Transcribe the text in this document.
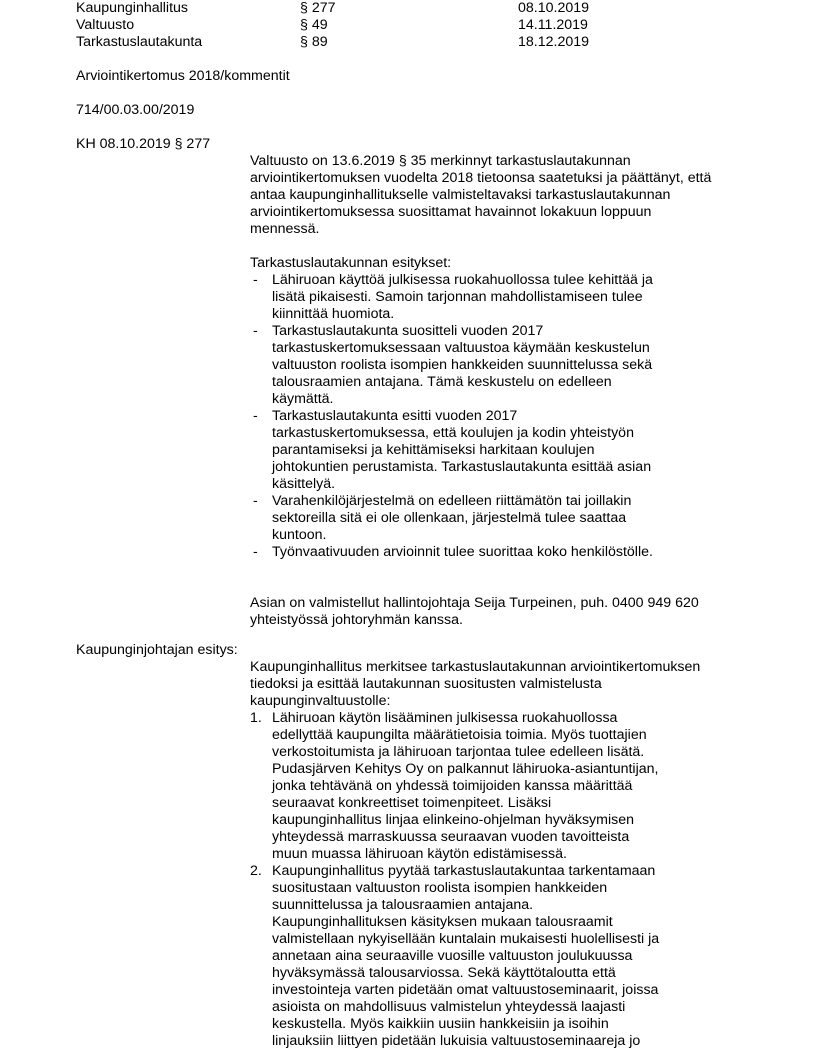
Kaupunginhallitus	§ 277	08.10.2019
Valtuusto	§ 49	14.11.2019
Tarkastuslautakunta	§ 89	18.12.2019
Arviointikertomus 2018/kommentit
714/00.03.00/2019
KH 08.10.2019 § 277

Valtuusto on 13.6.2019 § 35 merkinnyt tarkastuslautakunnan
arviointikertomuksen vuodelta 2018 tietoonsa saatetuksi ja päättänyt, että
antaa kaupunginhallitukselle valmisteltavaksi tarkastuslautakunnan
arviointikertomuksessa suosittamat havainnot lokakuun loppuun
mennessä.

Tarkastuslautakunnan esitykset:

- Lähiruoan käyttöä julkisessa ruokahuollossa tulee kehittää ja
lisätä pikaisesti. Samoin tarjonnan mahdollistamiseen tulee
kiinnittää huomiota.
- Tarkastuslautakunta suositteli vuoden 2017
tarkastuskertomuksessaan valtuustoa käymään keskustelun
valtuuston roolista isompien hankkeiden suunnittelussa sekä
talousraamien antajana. Tämä keskustelu on edelleen
käymättä.
- Tarkastuslautakunta esitti vuoden 2017
tarkastuskertomuksessa, että koulujen ja kodin yhteistyön
parantamiseksi ja kehittämiseksi harkitaan koulujen
johtokuntien perustamista. Tarkastuslautakunta esittää asian
käsittelyä.
- Varahenkilöjärjestelmä on edelleen riittämätön tai joillakin
sektoreilla sitä ei ole ollenkaan, järjestelmä tulee saattaa
kuntoon.
- Työnvaativuuden arvioinnit tulee suorittaa koko henkilöstölle.

Asian on valmistellut hallintojohtaja Seija Turpeinen, puh. 0400 949 620
yhteistyössä johtoryhmän kanssa.

Kaupunginjohtajan esitys:

Kaupunginhallitus merkitsee tarkastuslautakunnan arviointikertomuksen
tiedoksi ja esittää lautakunnan suositusten valmistelusta
kaupunginvaltuustolle:

1. Lähiruoan käytön lisääminen julkisessa ruokahuollossa
edellyttää kaupungilta määrätietoisia toimia. Myös tuottajien
verkostoitumista ja lähiruoan tarjontaa tulee edelleen lisätä.
Pudasjärven Kehitys Oy on palkannut lähiruoka-asiantuntijan,
jonka tehtävänä on yhdessä toimijoiden kanssa määrittää
seuraavat konkreettiset toimenpiteet. Lisäksi
kaupunginhallitus linjaa elinkeino-ohjelman hyväksymisen
yhteydessä marraskuussa seuraavan vuoden tavoitteista
muun muassa lähiruoan käytön edistämisessä.
2. Kaupunginhallitus pyytää tarkastuslautakuntaa tarkentamaan
suositustaan valtuuston roolista isompien hankkeiden
suunnittelussa ja talousraamien antajana.
Kaupunginhallituksen käsityksen mukaan talousraamit
valmistellaan nykyisellään kuntalain mukaisesti huolellisesti ja
annetaan aina seuraaville vuosille valtuuston joulukuussa
hyväksymässä talousarviossa. Sekä käyttötaloutta että
investointeja varten pidetään omat valtuustoseminaarit, joissa
asioista on mahdollisuus valmistelun yhteydessä laajasti
keskustella. Myös kaikkiin uusiin hankkeisiin ja isoihin
linjauksiin liittyen pidetään lukuisia valtuustoseminaareja jo
